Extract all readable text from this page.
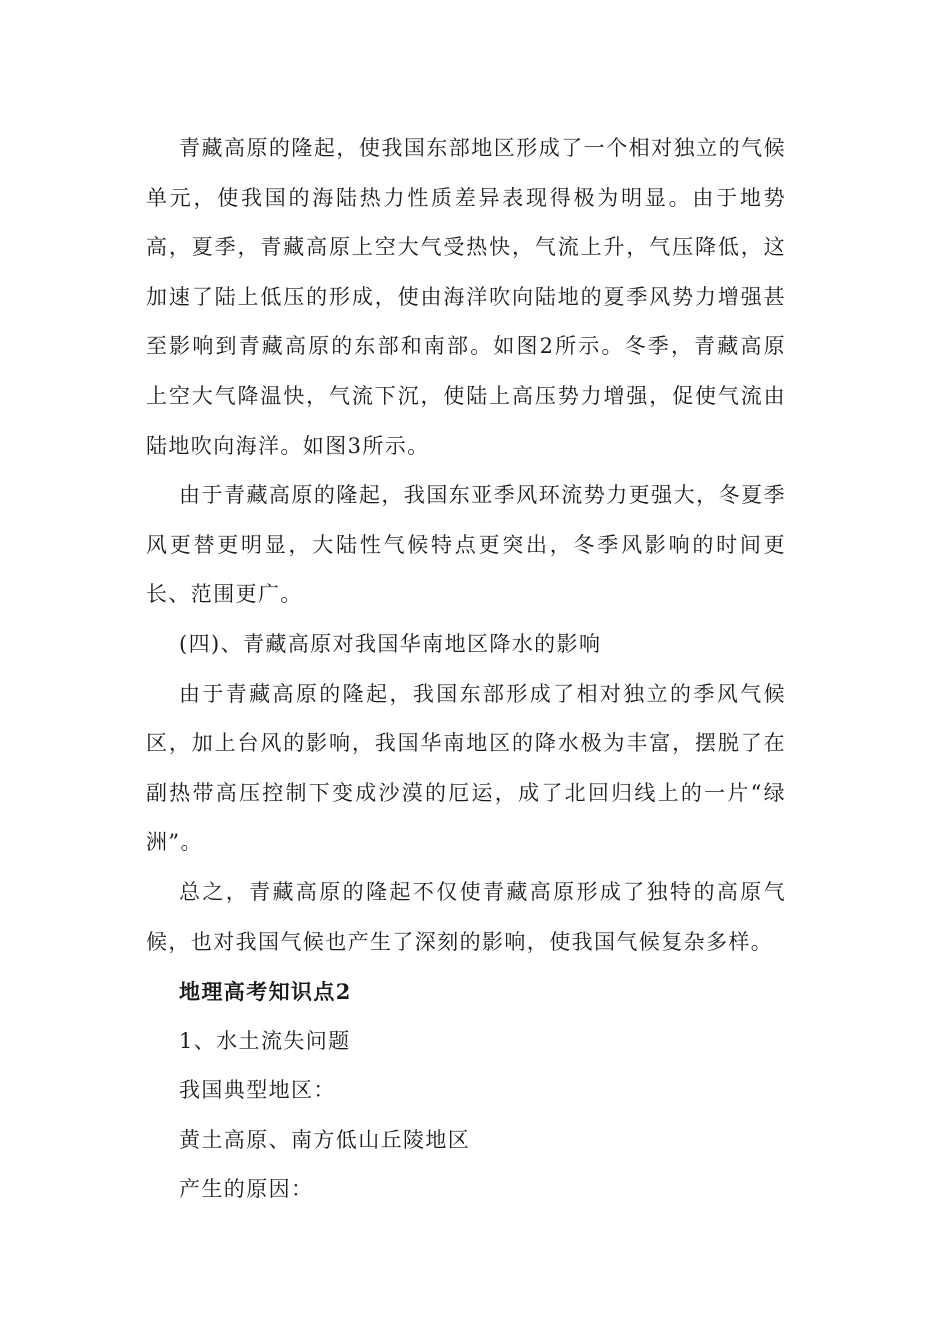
青藏高原的隆起，使我国东部地区形成了一个相对独立的气候单元，使我国的海陆热力性质差异表现得极为明显。由于地势高，夏季，青藏高原上空大气受热快，气流上升，气压降低，这加速了陆上低压的形成，使由海洋吹向陆地的夏季风势力增强甚至影响到青藏高原的东部和南部。如图2所示。冬季，青藏高原上空大气降温快，气流下沉，使陆上高压势力增强，促使气流由陆地吹向海洋。如图3所示。

由于青藏高原的隆起，我国东亚季风环流势力更强大，冬夏季风更替更明显，大陆性气候特点更突出，冬季风影响的时间更长、范围更广。

(四)、青藏高原对我国华南地区降水的影响

由于青藏高原的隆起，我国东部形成了相对独立的季风气候区，加上台风的影响，我国华南地区的降水极为丰富，摆脱了在副热带高压控制下变成沙漠的厄运，成了北回归线上的一片“绿洲”。

总之，青藏高原的隆起不仅使青藏高原形成了独特的高原气候，也对我国气候也产生了深刻的影响，使我国气候复杂多样。

地理高考知识点2

1、水土流失问题

我国典型地区：

黄土高原、南方低山丘陵地区

产生的原因：
